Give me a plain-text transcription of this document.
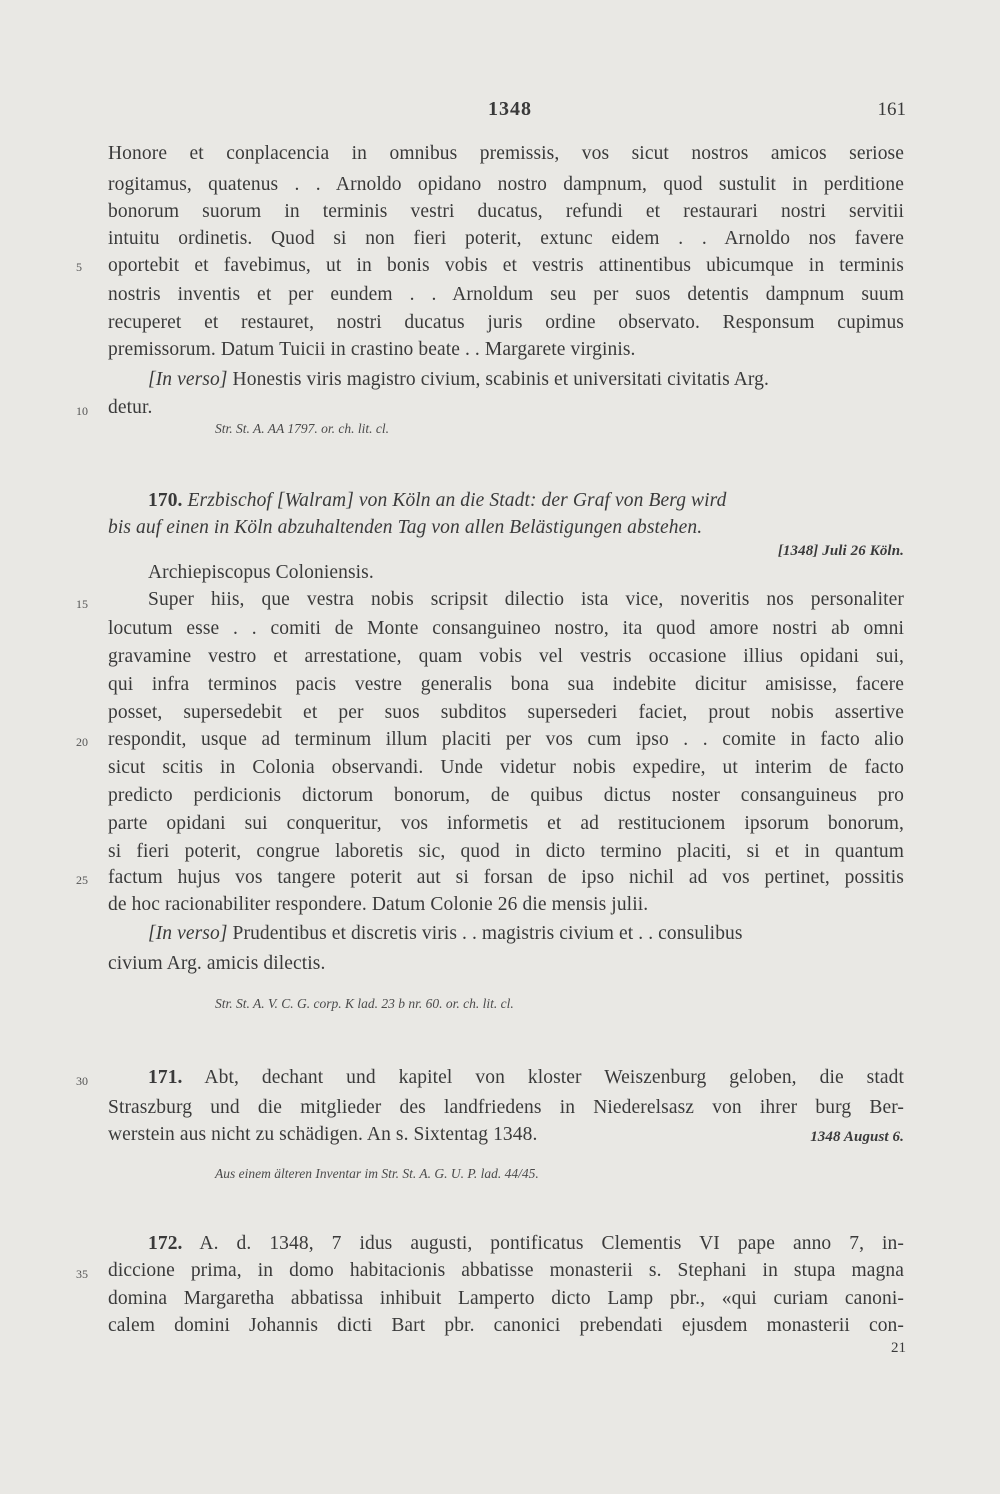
1348	161
Honore et conplacencia in omnibus premissis, vos sicut nostros amicos seriose
rogitamus, quatenus . . Arnoldo opidano nostro dampnum, quod sustulit in perditione
bonorum suorum in terminis vestri ducatus, refundi et restaurari nostri servitii
intuitu ordinetis. Quod si non fieri poterit, extunc eidem . . Arnoldo nos favere
5 oportebit et favebimus, ut in bonis vobis et vestris attinentibus ubicumque in terminis
nostris inventis et per eundem . . Arnoldum seu per suos detentis dampnum suum
recuperet et restauret, nostri ducatus juris ordine observato. Responsum cupimus
premissorum. Datum Tuicii in crastino beate . . Margarete virginis.
[In verso] Honestis viris magistro civium, scabinis et universitati civitatis Arg.
10 detur.
Str. St. A. AA 1797. or. ch. lit. cl.
170. Erzbischof [Walram] von Köln an die Stadt: der Graf von Berg wird
bis auf einen in Köln abzuhaltenden Tag von allen Belästigungen abstehen.
[1348] Juli 26 Köln.
Archiepiscopus Coloniensis.
15	Super hiis, que vestra nobis scripsit dilectio ista vice, noveritis nos personaliter
locutum esse . . comiti de Monte consanguineo nostro, ita quod amore nostri ab omni
gravamine vestro et arrestatione, quam vobis vel vestris occasione illius opidani sui,
qui infra terminos pacis vestre generalis bona sua indebite dicitur amisisse, facere
posset, supersedebit et per suos subditos supersederi faciet, prout nobis assertive
20 respondit, usque ad terminum illum placiti per vos cum ipso . . comite in facto alio
sicut scitis in Colonia observandi. Unde videtur nobis expedire, ut interim de facto
predicto perdicionis dictorum bonorum, de quibus dictus noster consanguineus pro
parte opidani sui conqueritur, vos informetis et ad restitucionem ipsorum bonorum,
si fieri poterit, congrue laboretis sic, quod in dicto termino placiti, si et in quantum
25 factum hujus vos tangere poterit aut si forsan de ipso nichil ad vos pertinet, possitis
de hoc racionabiliter respondere. Datum Colonie 26 die mensis julii.
[In verso] Prudentibus et discretis viris . . magistris civium et . . consulibus
civium Arg. amicis dilectis.
Str. St. A. V. C. G. corp. K lad. 23 b nr. 60. or. ch. lit. cl.
30	171. Abt, dechant und kapitel von kloster Weiszenburg geloben, die stadt
Straszburg und die mitglieder des landfriedens in Niederelsasz von ihrer burg Ber-
werstein aus nicht zu schädigen. An s. Sixtentag 1348.	1348 August 6.
Aus einem älteren Inventar im Str. St. A. G. U. P. lad. 44/45.
172. A. d. 1348, 7 idus augusti, pontificatus Clementis VI pape anno 7, in-
35 diccione prima, in domo habitacionis abbatisse monasterii s. Stephani in stupa magna
domina Margaretha abbatissa inhibuit Lamperto dicto Lamp pbr., «qui curiam canoni-
calem domini Johannis dicti Bart pbr. canonici prebendati ejusdem monasterii con-
21
